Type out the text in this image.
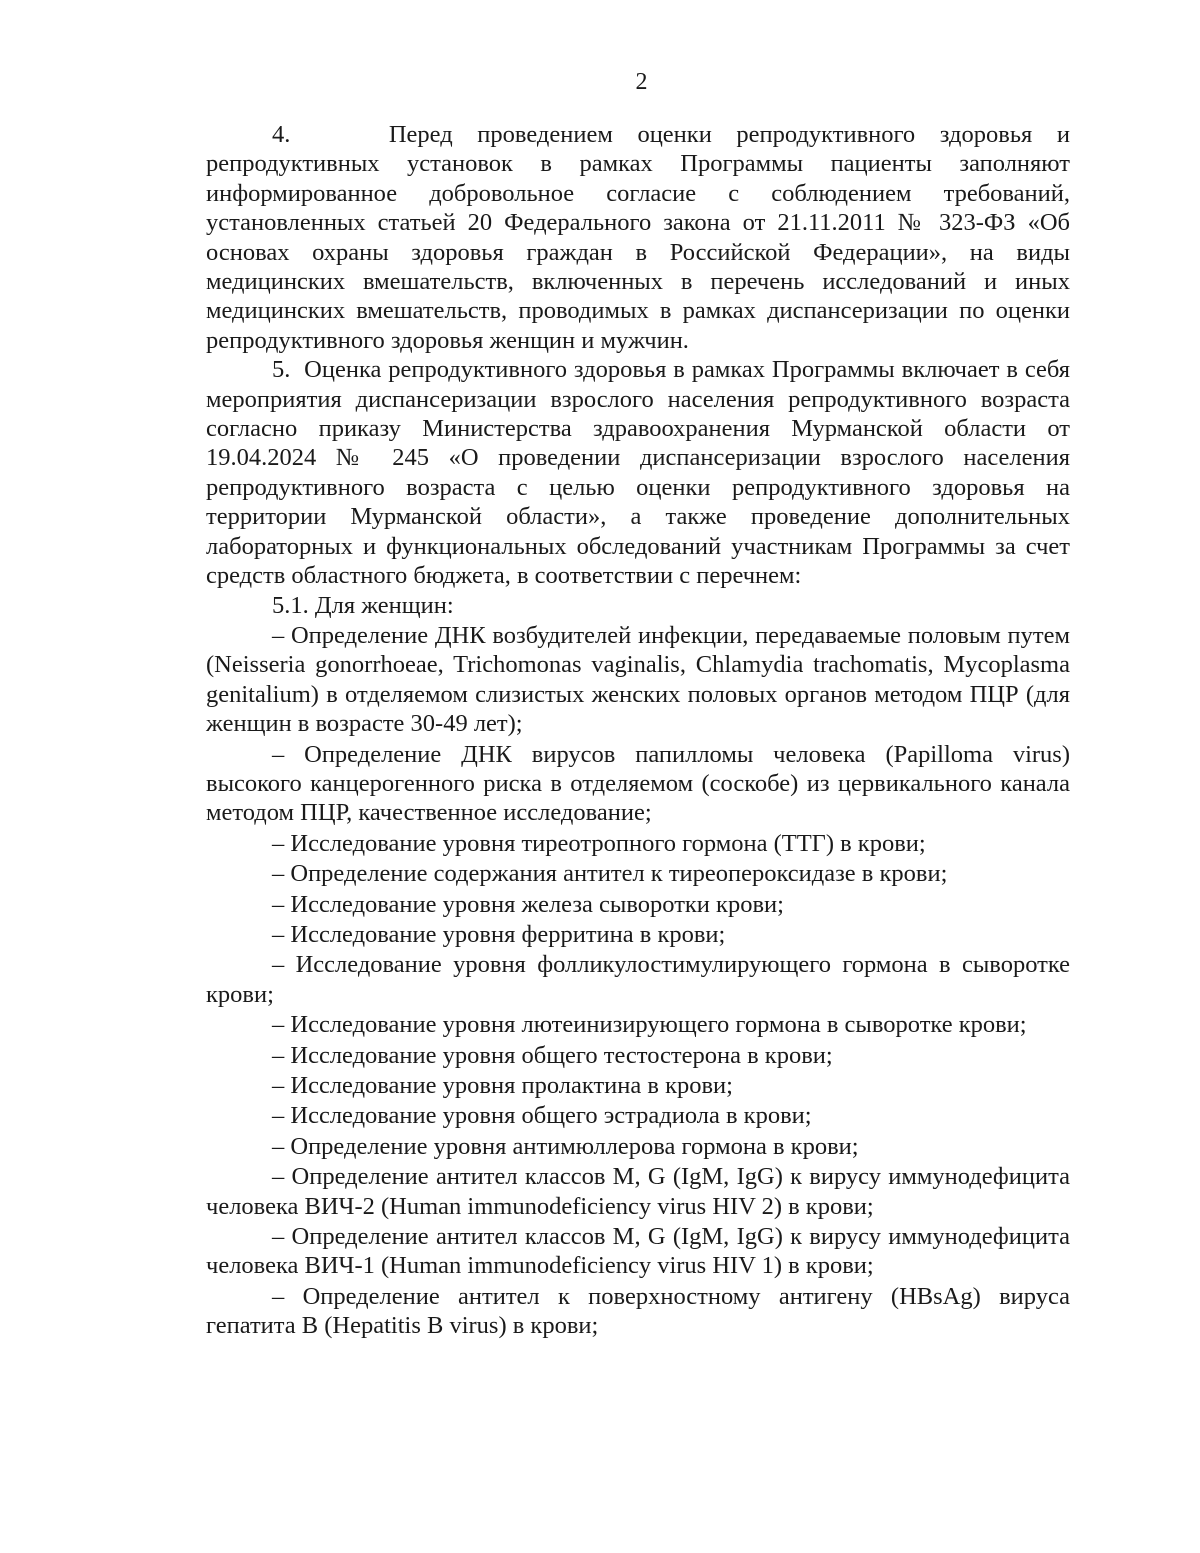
2

4.    Перед проведением оценки репродуктивного здоровья и репродуктивных установок в рамках Программы пациенты заполняют информированное добровольное согласие с соблюдением требований, установленных статьей 20 Федерального закона от 21.11.2011 № 323-ФЗ «Об основах охраны здоровья граждан в Российской Федерации», на виды медицинских вмешательств, включенных в перечень исследований и иных медицинских вмешательств, проводимых в рамках диспансеризации по оценки репродуктивного здоровья женщин и мужчин.

5.  Оценка репродуктивного здоровья в рамках Программы включает в себя мероприятия диспансеризации взрослого населения репродуктивного возраста согласно приказу Министерства здравоохранения Мурманской области от 19.04.2024 № 245 «О проведении диспансеризации взрослого населения репродуктивного возраста с целью оценки репродуктивного здоровья на территории Мурманской области», а также проведение дополнительных лабораторных и функциональных обследований участникам Программы за счет средств областного бюджета, в соответствии с перечнем:

5.1. Для женщин:

– Определение ДНК возбудителей инфекции, передаваемые половым путем (Neisseria gonorrhoeae, Trichomonas vaginalis, Chlamydia trachomatis, Mycoplasma genitalium) в отделяемом слизистых женских половых органов методом ПЦР (для женщин в возрасте 30-49 лет);

– Определение ДНК вирусов папилломы человека (Papilloma virus) высокого канцерогенного риска в отделяемом (соскобе) из цервикального канала методом ПЦР, качественное исследование;

– Исследование уровня тиреотропного гормона (ТТГ) в крови;

– Определение содержания антител к тиреопероксидазе в крови;

– Исследование уровня железа сыворотки крови;

– Исследование уровня ферритина в крови;

– Исследование уровня фолликулостимулирующего гормона в сыворотке крови;

– Исследование уровня лютеинизирующего гормона в сыворотке крови;

– Исследование уровня общего тестостерона в крови;

– Исследование уровня пролактина в крови;

– Исследование уровня общего эстрадиола в крови;

– Определение уровня антимюллерова гормона в крови;

– Определение антител классов М, G (IgM, IgG) к вирусу иммунодефицита человека ВИЧ-2 (Human immunodeficiency virus HIV 2) в крови;

– Определение антител классов М, G (IgM, IgG) к вирусу иммунодефицита человека ВИЧ-1 (Human immunodeficiency virus HIV 1) в крови;

– Определение антител к поверхностному антигену (HBsAg) вируса гепатита В (Hepatitis B virus) в крови;
